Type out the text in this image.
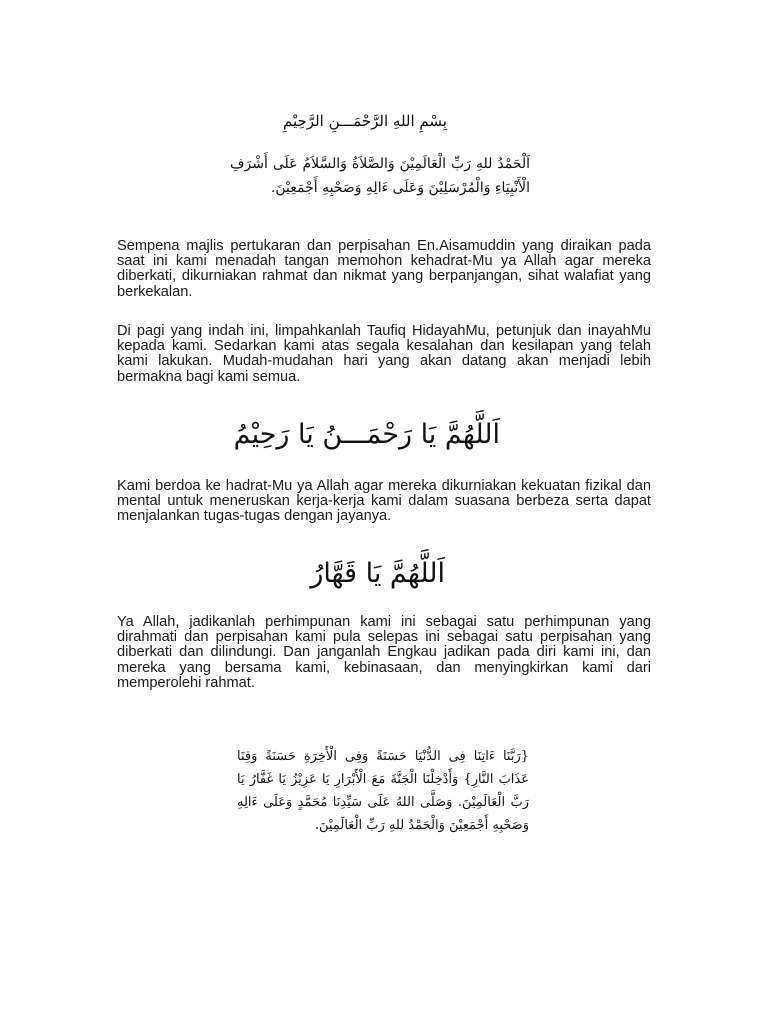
بِسْمِ اللهِ الرَّحْمَـــنِ الرَّحِيْمِ
اَلْحَمْدُ للهِ رَبِّ الْعَالَمِيْنَ وَالصَّلاَةُ وَالسَّلاَمُ عَلَى أَشْرَفِ الْأَنْبِيَاءِ وَالْمُرْسَلِيْنَ وَعَلَى ءَالِهِ وَصَحْبِهِ أَجْمَعِيْنَ.

Sempena majlis pertukaran dan perpisahan En.Aisamuddin yang diraikan pada saat ini kami menadah tangan memohon kehadrat-Mu ya Allah agar mereka diberkati, dikurniakan rahmat dan nikmat yang berpanjangan, sihat walafiat yang berkekalan.

Di pagi yang indah ini, limpahkanlah Taufiq HidayahMu, petunjuk dan inayahMu kepada kami. Sedarkan kami atas segala kesalahan dan kesilapan yang telah kami lakukan. Mudah-mudahan hari yang akan datang akan menjadi lebih bermakna bagi kami semua.

اَللَّهُمَّ يَا رَحْمَـــنُ يَا رَحِيْمُ

Kami berdoa ke hadrat-Mu ya Allah agar mereka dikurniakan kekuatan fizikal dan mental untuk meneruskan kerja-kerja kami dalam suasana berbeza serta dapat menjalankan tugas-tugas dengan jayanya.

اَللَّهُمَّ يَا قَهَّارُ

Ya Allah, jadikanlah perhimpunan kami ini sebagai satu perhimpunan yang dirahmati dan perpisahan kami pula selepas ini sebagai satu perpisahan yang diberkati dan dilindungi. Dan janganlah Engkau jadikan pada diri kami ini, dan mereka yang bersama kami, kebinasaan, dan menyingkirkan kami dari memperolehi rahmat.

{رَبَّنَا ءَاتِنَا فِى الدُّنْيَا حَسَنَةً وَفِى الْأَخِرَةِ حَسَنَةً وَقِنَا عَذَابَ النَّارِ} وَأَدْخِلْنَا الْجَنَّةَ مَعَ الْأَبْرَارِ يَا عَزِيْزُ يَا غَفَّارُ يَا رَبَّ الْعَالَمِيْنَ. وَصَلَّى اللهُ عَلَى سَيِّدِنَا مُحَمَّدٍ وَعَلَى ءَالِهِ وَصَحْبِهِ أَجْمَعِيْنَ وَالْحَمْدُ للهِ رَبِّ الْعَالَمِيْنَ.
